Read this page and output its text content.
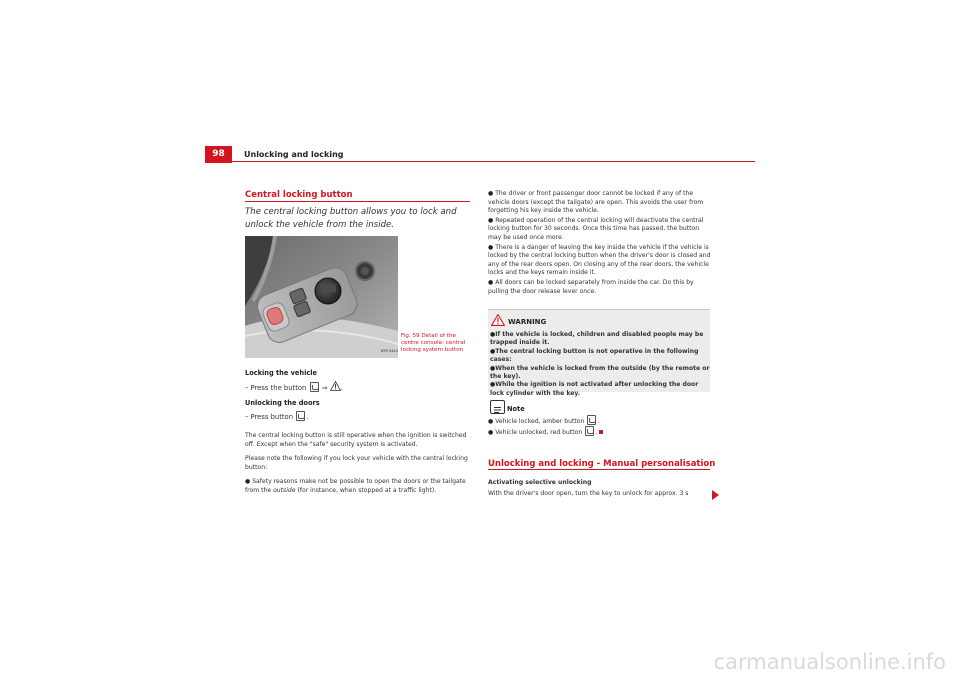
98	Unlocking and locking
Central locking button
The central locking button allows you to lock and unlock the vehicle from the inside.
B5P-0444
Fig. 59 Detail of the centre console: central locking system button
Locking the vehicle
– Press the button ⇒ .
Unlocking the doors
– Press button .
The central locking button is still operative when the ignition is switched off. Except when the "safe" security system is activated.
Please note the following if you lock your vehicle with the central locking button:
● Safety reasons make not be possible to open the doors or the tailgate from the outside (for instance, when stopped at a traffic light).
● The driver or front passenger door cannot be locked if any of the vehicle doors (except the tailgate) are open. This avoids the user from forgetting his key inside the vehicle.
● Repeated operation of the central locking will deactivate the central locking button for 30 seconds. Once this time has passed, the button may be used once more.
● There is a danger of leaving the key inside the vehicle if the vehicle is locked by the central locking button when the driver's door is closed and any of the rear doors open. On closing any of the rear doors, the vehicle locks and the keys remain inside it.
● All doors can be locked separately from inside the car. Do this by pulling the door release lever once.
WARNING
●If the vehicle is locked, children and disabled people may be trapped inside it.
●The central locking button is not operative in the following cases:
●When the vehicle is locked from the outside (by the remote or the key).
●While the ignition is not activated after unlocking the door lock cylinder with the key.
Note
● Vehicle locked, amber button .
● Vehicle unlocked, red button .
Unlocking and locking - Manual personalisation
Activating selective unlocking
With the driver's door open, turn the key to unlock for approx. 3 s
carmanualsonline.info
